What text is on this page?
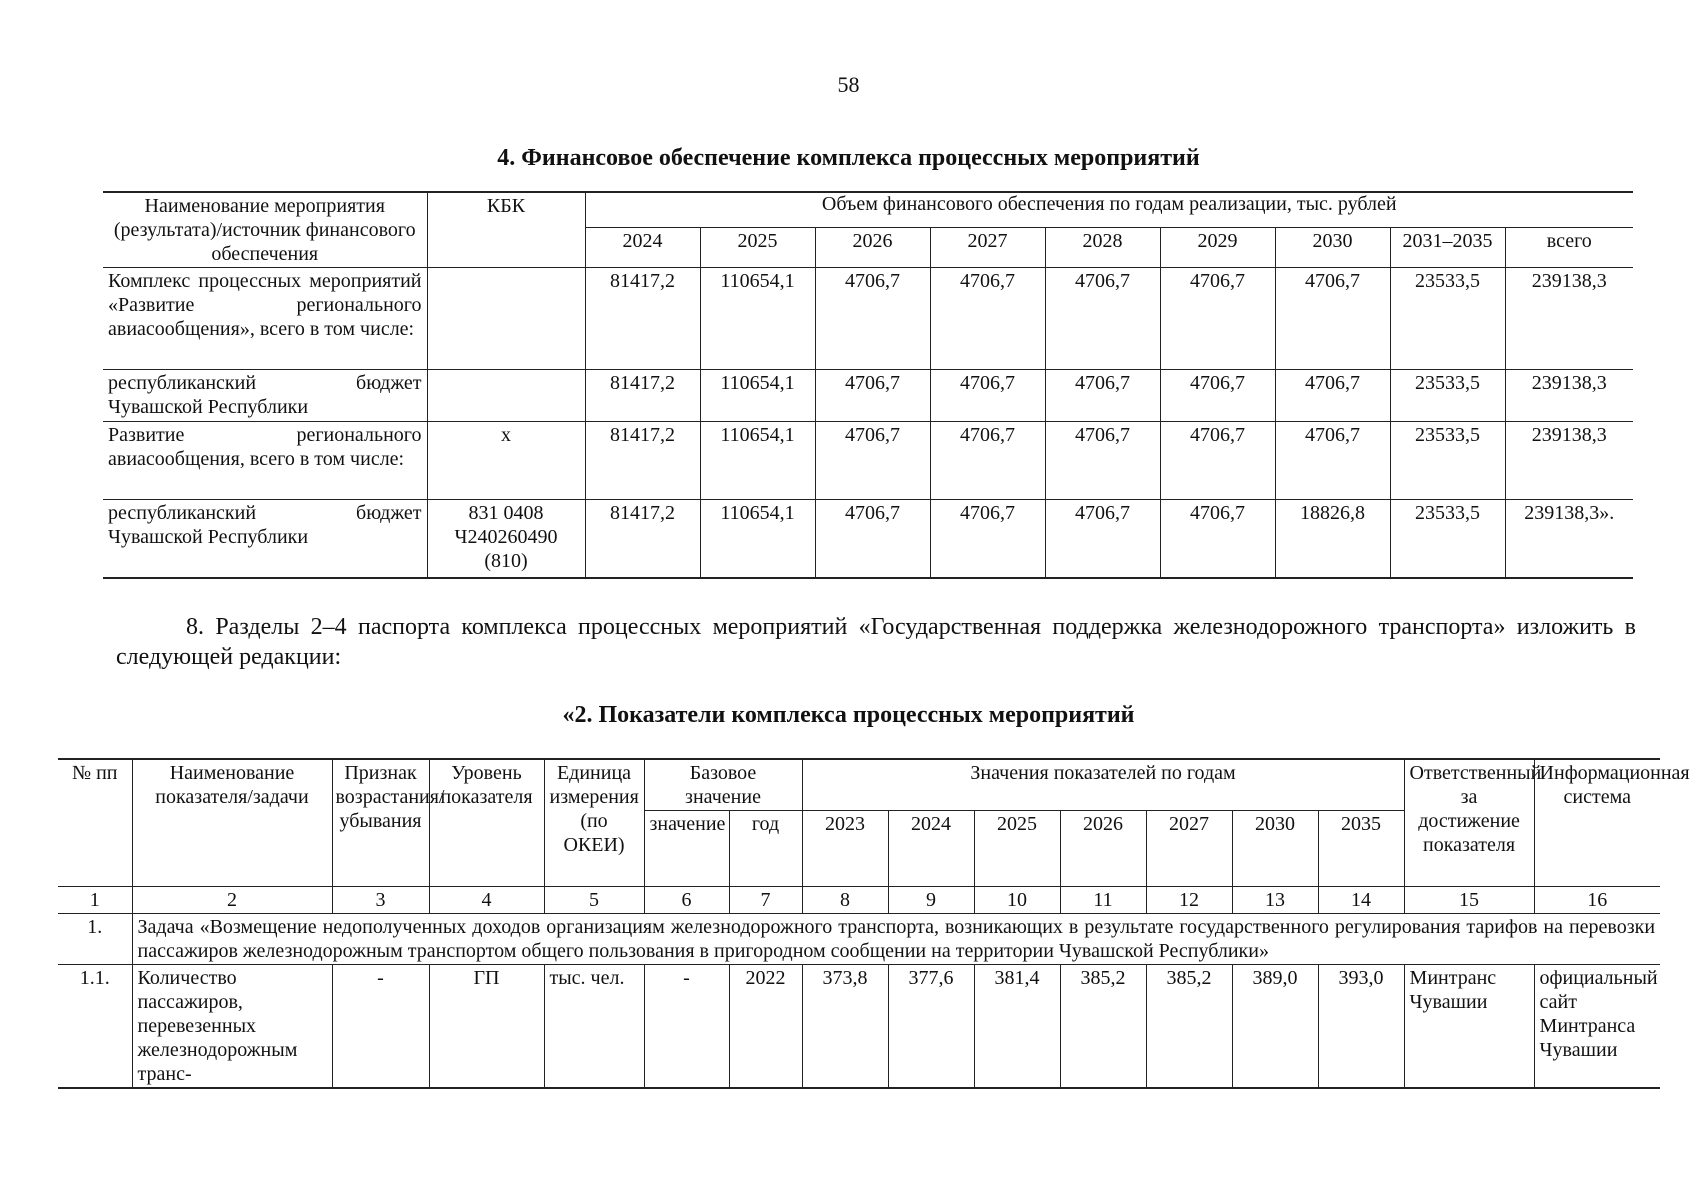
58
4. Финансовое обеспечение комплекса процессных мероприятий
Наименование мероприятия (результата)/источник финансового обеспечения	КБК	Объем финансового обеспечения по годам реализации, тыс. рублей								
		2024	2025	2026	2027	2028	2029	2030	2031–2035	всего
Комплекс процессных мероприятий «Развитие регионального авиасообщения», всего в том числе:		81417,2	110654,1	4706,7	4706,7	4706,7	4706,7	4706,7	23533,5	239138,3
республиканский бюджет Чувашской Республики		81417,2	110654,1	4706,7	4706,7	4706,7	4706,7	4706,7	23533,5	239138,3
Развитие регионального авиасообщения, всего в том числе:	х	81417,2	110654,1	4706,7	4706,7	4706,7	4706,7	4706,7	23533,5	239138,3
республиканский бюджет Чувашской Республики	831 0408 Ч240260490 (810)	81417,2	110654,1	4706,7	4706,7	4706,7	4706,7	18826,8	23533,5	239138,3».
8. Разделы 2–4 паспорта комплекса процессных мероприятий «Государственная поддержка железнодорожного транспорта» изложить в следующей редакции:
«2. Показатели комплекса процессных мероприятий
№ пп	Наименование показателя/задачи	Признак возрастания/убывания	Уровень показателя	Единица измерения (по ОКЕИ)	Базовое значение		Значения показателей по годам							Ответственный за достижение показателя	Информационная система
					значение	год	2023	2024	2025	2026	2027	2030	2035		
1	2	3	4	5	6	7	8	9	10	11	12	13	14	15	16
1.	Задача «Возмещение недополученных доходов организациям железнодорожного транспорта, возникающих в результате государственного регулирования тарифов на перевозки пассажиров железнодорожным транспортом общего пользования в пригородном сообщении на территории Чувашской Республики»														
1.1.	Количество пассажиров, перевезенных железнодорожным транс-	-	ГП	тыс. чел.	-	2022	373,8	377,6	381,4	385,2	385,2	389,0	393,0	Минтранс Чувашии	официальный сайт Минтранса Чувашии
